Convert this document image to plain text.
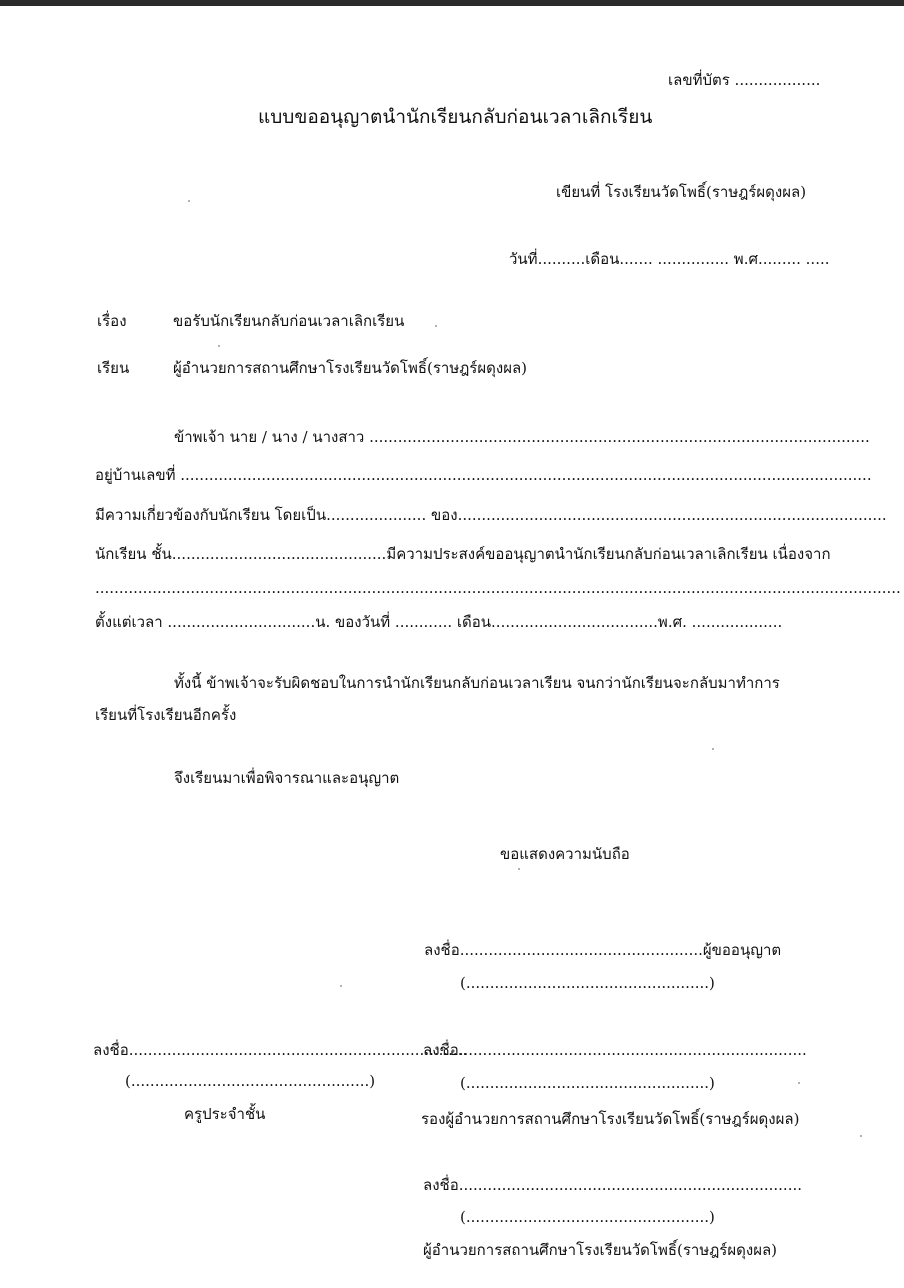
เลขที่บัตร ..................
แบบขออนุญาตนำนักเรียนกลับก่อนเวลาเลิกเรียน
เขียนที่ โรงเรียนวัดโพธิ์(ราษฎร์ผดุงผล)
วันที่..........เดือน....... ............... พ.ศ......... .....
เรื่อง	ขอรับนักเรียนกลับก่อนเวลาเลิกเรียน
เรียน	ผู้อำนวยการสถานศึกษาโรงเรียนวัดโพธิ์(ราษฎร์ผดุงผล)
ข้าพเจ้า นาย / นาง / นางสาว .........................................................................................................
อยู่บ้านเลขที่ .................................................................................................................................................
มีความเกี่ยวข้องกับนักเรียน โดยเป็น..................... ของ..........................................................................................
นักเรียน ชั้น.............................................มีความประสงค์ขออนุญาตนำนักเรียนกลับก่อนเวลาเลิกเรียน เนื่องจาก
.........................................................................................................................................................................
ตั้งแต่เวลา ...............................น. ของวันที่ ............ เดือน...................................พ.ศ. ...................
ทั้งนี้ ข้าพเจ้าจะรับผิดชอบในการนำนักเรียนกลับก่อนเวลาเรียน จนกว่านักเรียนจะกลับมาทำการ
เรียนที่โรงเรียนอีกครั้ง
จึงเรียนมาเพื่อพิจารณาและอนุญาต
ขอแสดงความนับถือ
ลงชื่อ...................................................ผู้ขออนุญาต
(...................................................)
ลงชื่อ.......................................................................
(..................................................)
ครูประจำชั้น
ลงชื่อ.........................................................................
(...................................................)
รองผู้อำนวยการสถานศึกษาโรงเรียนวัดโพธิ์(ราษฎร์ผดุงผล)
ลงชื่อ........................................................................
(...................................................)
ผู้อำนวยการสถานศึกษาโรงเรียนวัดโพธิ์(ราษฎร์ผดุงผล)
